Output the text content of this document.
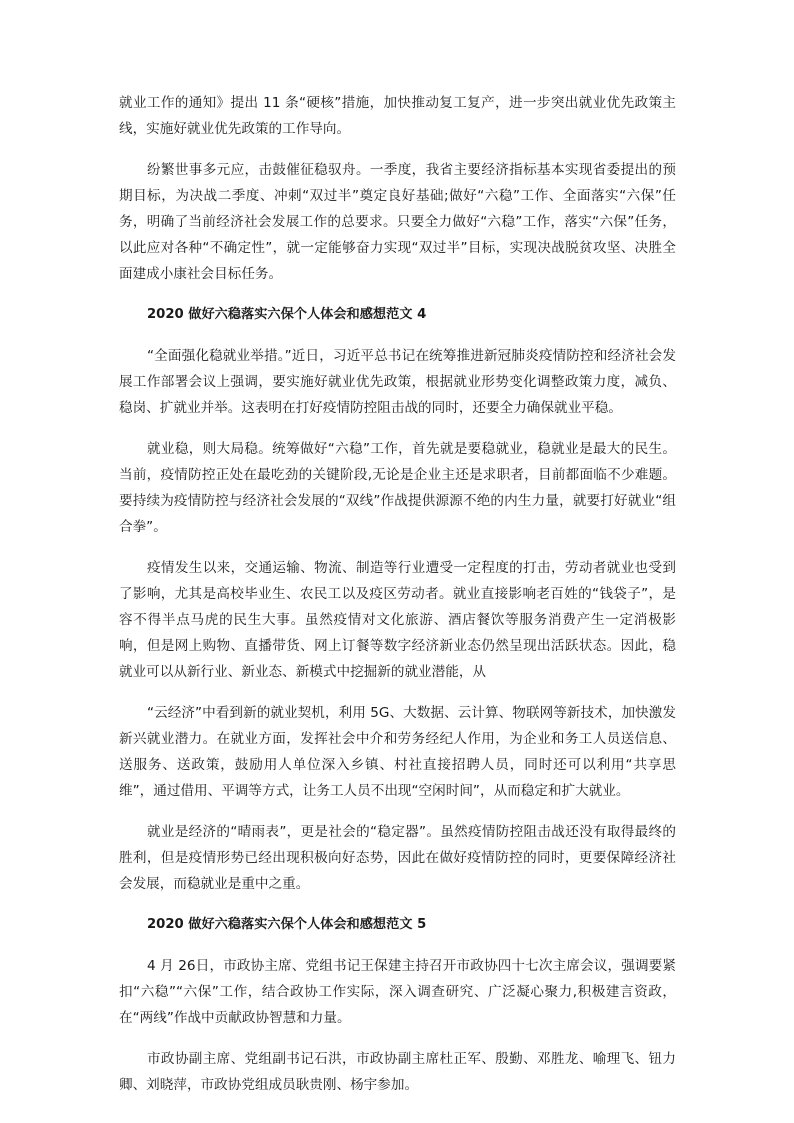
就业工作的通知》提出 11 条“硬核”措施，加快推动复工复产，进一步突出就业优先政策主线，实施好就业优先政策的工作导向。

纷繁世事多元应，击鼓催征稳驭舟。一季度，我省主要经济指标基本实现省委提出的预期目标，为决战二季度、冲刺“双过半”奠定良好基础;做好“六稳”工作、全面落实“六保”任务，明确了当前经济社会发展工作的总要求。只要全力做好“六稳”工作，落实“六保”任务，以此应对各种“不确定性”，就一定能够奋力实现“双过半”目标，实现决战脱贫攻坚、决胜全面建成小康社会目标任务。

2020 做好六稳落实六保个人体会和感想范文 4

“全面强化稳就业举措。”近日，习近平总书记在统筹推进新冠肺炎疫情防控和经济社会发展工作部署会议上强调，要实施好就业优先政策，根据就业形势变化调整政策力度，减负、稳岗、扩就业并举。这表明在打好疫情防控阻击战的同时，还要全力确保就业平稳。

就业稳，则大局稳。统筹做好“六稳”工作，首先就是要稳就业，稳就业是最大的民生。当前，疫情防控正处在最吃劲的关键阶段,无论是企业主还是求职者，目前都面临不少难题。要持续为疫情防控与经济社会发展的“双线”作战提供源源不绝的内生力量，就要打好就业“组合拳”。

疫情发生以来，交通运输、物流、制造等行业遭受一定程度的打击，劳动者就业也受到了影响，尤其是高校毕业生、农民工以及疫区劳动者。就业直接影响老百姓的“钱袋子”，是容不得半点马虎的民生大事。虽然疫情对文化旅游、酒店餐饮等服务消费产生一定消极影响，但是网上购物、直播带货、网上订餐等数字经济新业态仍然呈现出活跃状态。因此，稳就业可以从新行业、新业态、新模式中挖掘新的就业潜能，从

“云经济”中看到新的就业契机，利用 5G、大数据、云计算、物联网等新技术，加快激发新兴就业潜力。在就业方面，发挥社会中介和劳务经纪人作用，为企业和务工人员送信息、送服务、送政策，鼓励用人单位深入乡镇、村社直接招聘人员，同时还可以利用“共享思维”，通过借用、平调等方式，让务工人员不出现“空闲时间”，从而稳定和扩大就业。

就业是经济的“晴雨表”，更是社会的“稳定器”。虽然疫情防控阻击战还没有取得最终的胜利，但是疫情形势已经出现积极向好态势，因此在做好疫情防控的同时，更要保障经济社会发展，而稳就业是重中之重。

2020 做好六稳落实六保个人体会和感想范文 5

4 月 26日，市政协主席、党组书记王保建主持召开市政协四十七次主席会议，强调要紧扣“六稳”“六保”工作，结合政协工作实际，深入调查研究、广泛凝心聚力,积极建言资政，在“两线”作战中贡献政协智慧和力量。

市政协副主席、党组副书记石洪，市政协副主席杜正军、殷勤、邓胜龙、喻理飞、钮力卿、刘晓萍，市政协党组成员耿贵刚、杨宇参加。
